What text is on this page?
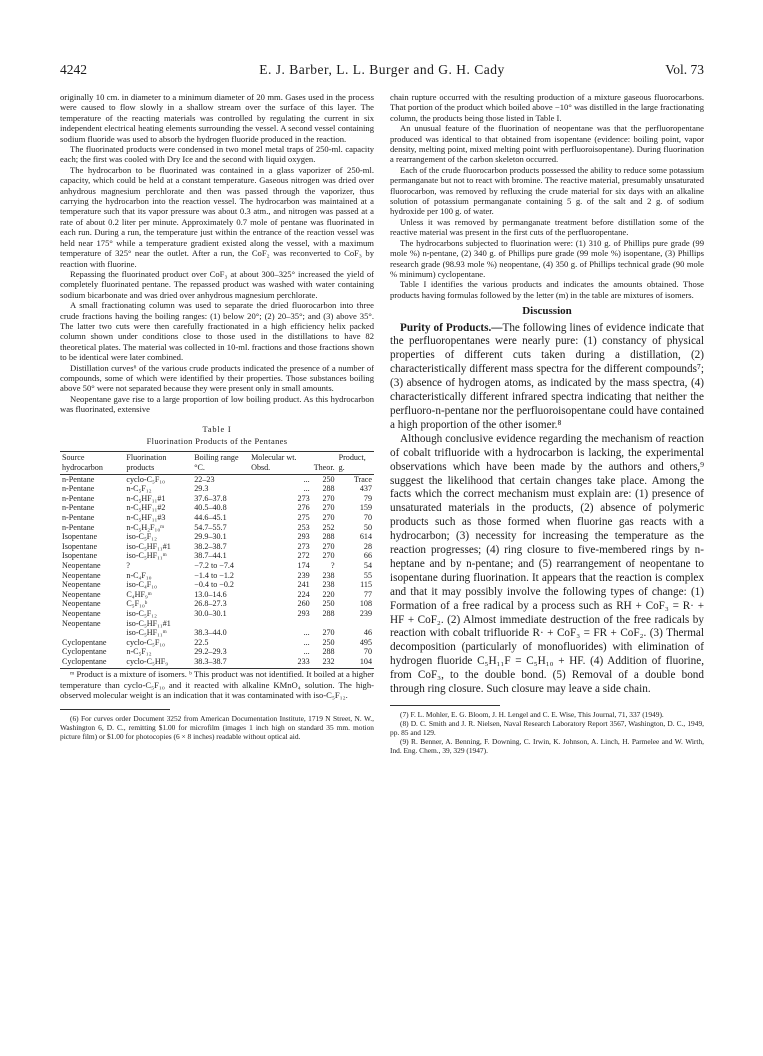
4242	E. J. Barber, L. L. Burger and G. H. Cady	Vol. 73

originally 10 cm. in diameter to a minimum diameter of 20 mm. Gases used in the process were caused to flow slowly in a shallow stream over the surface of this layer. The temperature of the reacting materials was controlled by regulating the current in six independent electrical heating elements surrounding the vessel. A second vessel containing sodium fluoride was used to absorb the hydrogen fluoride produced in the reaction.

The fluorinated products were condensed in two monel metal traps of 250-ml. capacity each; the first was cooled with Dry Ice and the second with liquid oxygen.

The hydrocarbon to be fluorinated was contained in a glass vaporizer of 250-ml. capacity, which could be held at a constant temperature. Gaseous nitrogen was dried over anhydrous magnesium perchlorate and then was passed through the vaporizer, thus carrying the hydrocarbon into the reaction vessel. The hydrocarbon was maintained at a temperature such that its vapor pressure was about 0.3 atm., and nitrogen was passed at a rate of about 0.2 liter per minute. Approximately 0.7 mole of pentane was fluorinated in each run. During a run, the temperature just within the entrance of the reaction vessel was held near 175° while a temperature gradient existed along the vessel, with a maximum temperature of 325° near the outlet. After a run, the CoF₂ was reconverted to CoF₃ by reaction with fluorine.

Repassing the fluorinated product over CoF₃ at about 300–325° increased the yield of completely fluorinated pentane. The repassed product was washed with water containing sodium bicarbonate and was dried over anhydrous magnesium perchlorate.

A small fractionating column was used to separate the dried fluorocarbon into three crude fractions having the boiling ranges: (1) below 20°; (2) 20–35°; and (3) above 35°. The latter two cuts were then carefully fractionated in a high efficiency helix packed column shown under conditions close to those used in the distillations to have 82 theoretical plates. The material was collected in 10-ml. fractions and those fractions shown to be identical were later combined.

Distillation curves⁶ of the various crude products indicated the presence of a number of compounds, some of which were identified by their properties. Those substances boiling above 50° were not separated because they were present only in small amounts.

Neopentane gave rise to a large proportion of low boiling product. As this hydrocarbon was fluorinated, extensive

Table I
Fluorination Products of the Pentanes
Source hydrocarbon	Fluorination products	Boiling range °C.	Molecular wt. Obsd.	Theor.	Product, g.
n-Pentane	cyclo-C₅F₁₀	22–23	...	250	Trace
n-Pentane	n-C₅F₁₂	29.3	...	288	437
n-Pentane	n-C₅HF₁₁#1	37.6–37.8	273	270	79
n-Pentane	n-C₅HF₁₁#2	40.5–40.8	276	270	159
n-Pentane	n-C₅HF₁₁#3	44.6–45.1	275	270	70
n-Pentane	n-C₅H₂F₁₀ᵐ	54.7–55.7	253	252	50
Isopentane	iso-C₅F₁₂	29.9–30.1	293	288	614
Isopentane	iso-C₅HF₁₁#1	38.2–38.7	273	270	28
Isopentane	iso-C₅HF₁₁ᵐ	38.7–44.1	272	270	66
Neopentane	?	−7.2 to −7.4	174	?	54
Neopentane	n-C₄F₁₀	−1.4 to −1.2	239	238	55
Neopentane	iso-C₄F₁₀	−0.4 to −0.2	241	238	115
Neopentane	C₄HF₉ᵐ	13.0–14.6	224	220	77
Neopentane	C₅F₁₀ᵇ	26.8–27.3	260	250	108
Neopentane	iso-C₅F₁₂	30.0–30.1	293	288	239
Neopentane	iso-C₅HF₁₁#1				
	iso-C₅HF₁₁ᵐ	38.3–44.0	...	270	46
Cyclopentane	cyclo-C₅F₁₀	22.5	...	250	495
Cyclopentane	n-C₅F₁₂	29.2–29.3	...	288	70
Cyclopentane	cyclo-C₅HF₉	38.3–38.7	233	232	104

ᵐ Product is a mixture of isomers. ᵇ This product was not identified. It boiled at a higher temperature than cyclo-C₅F₁₀ and it reacted with alkaline KMnO₄ solution. The high-observed molecular weight is an indication that it was contaminated with iso-C₅F₁₂.

(6) For curves order Document 3252 from American Documentation Institute, 1719 N Street, N. W., Washington 6, D. C., remitting $1.00 for microfilm (images 1 inch high on standard 35 mm. motion picture film) or $1.00 for photocopies (6 × 8 inches) readable without optical aid.

chain rupture occurred with the resulting production of a mixture gaseous fluorocarbons. That portion of the product which boiled above −10° was distilled in the large fractionating column, the products being those listed in Table I.

An unusual feature of the fluorination of neopentane was that the perfluoropentane produced was identical to that obtained from isopentane (evidence: boiling point, vapor density, melting point, mixed melting point with perfluoroisopentane). During fluorination a rearrangement of the carbon skeleton occurred.

Each of the crude fluorocarbon products possessed the ability to reduce some potassium permanganate but not to react with bromine. The reactive material, presumably unsaturated fluorocarbon, was removed by refluxing the crude material for six days with an alkaline solution of potassium permanganate containing 5 g. of the salt and 2 g. of sodium hydroxide per 100 g. of water.

Unless it was removed by permanganate treatment before distillation some of the reactive material was present in the first cuts of the perfluoropentane.

The hydrocarbons subjected to fluorination were: (1) 310 g. of Phillips pure grade (99 mole %) n-pentane, (2) 340 g. of Phillips pure grade (99 mole %) isopentane, (3) Phillips research grade (98.93 mole %) neopentane, (4) 350 g. of Phillips technical grade (90 mole % minimum) cyclopentane.

Table I identifies the various products and indicates the amounts obtained. Those products having formulas followed by the letter (m) in the table are mixtures of isomers.

Discussion

Purity of Products.—The following lines of evidence indicate that the perfluoropentanes were nearly pure: (1) constancy of physical properties of different cuts taken during a distillation, (2) characteristically different mass spectra for the different compounds⁷; (3) absence of hydrogen atoms, as indicated by the mass spectra, (4) characteristically different infrared spectra indicating that neither the perfluoro-n-pentane nor the perfluoroisopentane could have contained a high proportion of the other isomer.⁸

Although conclusive evidence regarding the mechanism of reaction of cobalt trifluoride with a hydrocarbon is lacking, the experimental observations which have been made by the authors and others,⁹ suggest the likelihood that certain changes take place. Among the facts which the correct mechanism must explain are: (1) presence of unsaturated materials in the products, (2) absence of polymeric products such as those formed when fluorine gas reacts with a hydrocarbon; (3) necessity for increasing the temperature as the reaction progresses; (4) ring closure to five-membered rings by n-heptane and by n-pentane; and (5) rearrangement of neopentane to isopentane during fluorination. It appears that the reaction is complex and that it may possibly involve the following types of change: (1) Formation of a free radical by a process such as RH + CoF₃ = R· + HF + CoF₂. (2) Almost immediate destruction of the free radicals by reaction with cobalt trifluoride R· + CoF₃ = FR + CoF₂. (3) Thermal decomposition (particularly of monofluorides) with elimination of hydrogen fluoride C₅H₁₁F = C₅H₁₀ + HF. (4) Addition of fluorine, from CoF₃, to the double bond. (5) Removal of a double bond through ring closure. Such closure may leave a side chain.

(7) F. L. Mohler, E. G. Bloom, J. H. Lengel and C. E. Wise, This Journal, 71, 337 (1949).

(8) D. C. Smith and J. R. Nielsen, Naval Research Laboratory Report 3567, Washington, D. C., 1949, pp. 85 and 129.

(9) R. Benner, A. Benning, F. Downing, C. Irwin, K. Johnson, A. Linch, H. Parmelee and W. Wirth, Ind. Eng. Chem., 39, 329 (1947).
